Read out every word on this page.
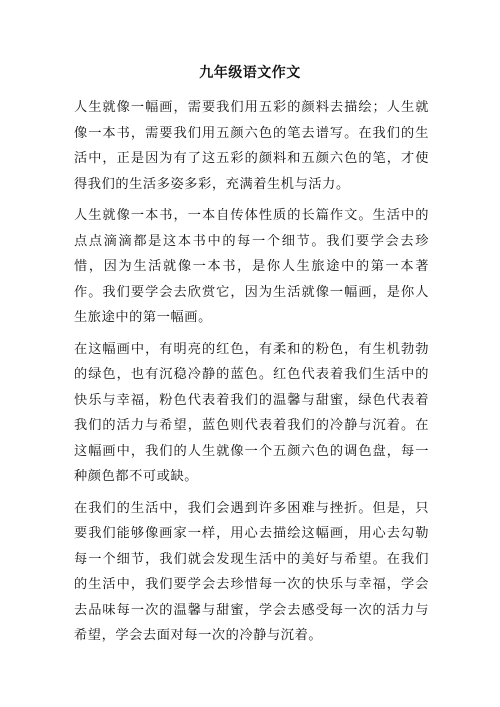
九年级语文作文

人生就像一幅画，需要我们用五彩的颜料去描绘；人生就像一本书，需要我们用五颜六色的笔去谱写。在我们的生活中，正是因为有了这五彩的颜料和五颜六色的笔，才使得我们的生活多姿多彩，充满着生机与活力。

人生就像一本书，一本自传体性质的长篇作文。生活中的点点滴滴都是这本书中的每一个细节。我们要学会去珍惜，因为生活就像一本书，是你人生旅途中的第一本著作。我们要学会去欣赏它，因为生活就像一幅画，是你人生旅途中的第一幅画。

在这幅画中，有明亮的红色，有柔和的粉色，有生机勃勃的绿色，也有沉稳冷静的蓝色。红色代表着我们生活中的快乐与幸福，粉色代表着我们的温馨与甜蜜，绿色代表着我们的活力与希望，蓝色则代表着我们的冷静与沉着。在这幅画中，我们的人生就像一个五颜六色的调色盘，每一种颜色都不可或缺。

在我们的生活中，我们会遇到许多困难与挫折。但是，只要我们能够像画家一样，用心去描绘这幅画，用心去勾勒每一个细节，我们就会发现生活中的美好与希望。在我们的生活中，我们要学会去珍惜每一次的快乐与幸福，学会去品味每一次的温馨与甜蜜，学会去感受每一次的活力与希望，学会去面对每一次的冷静与沉着。
